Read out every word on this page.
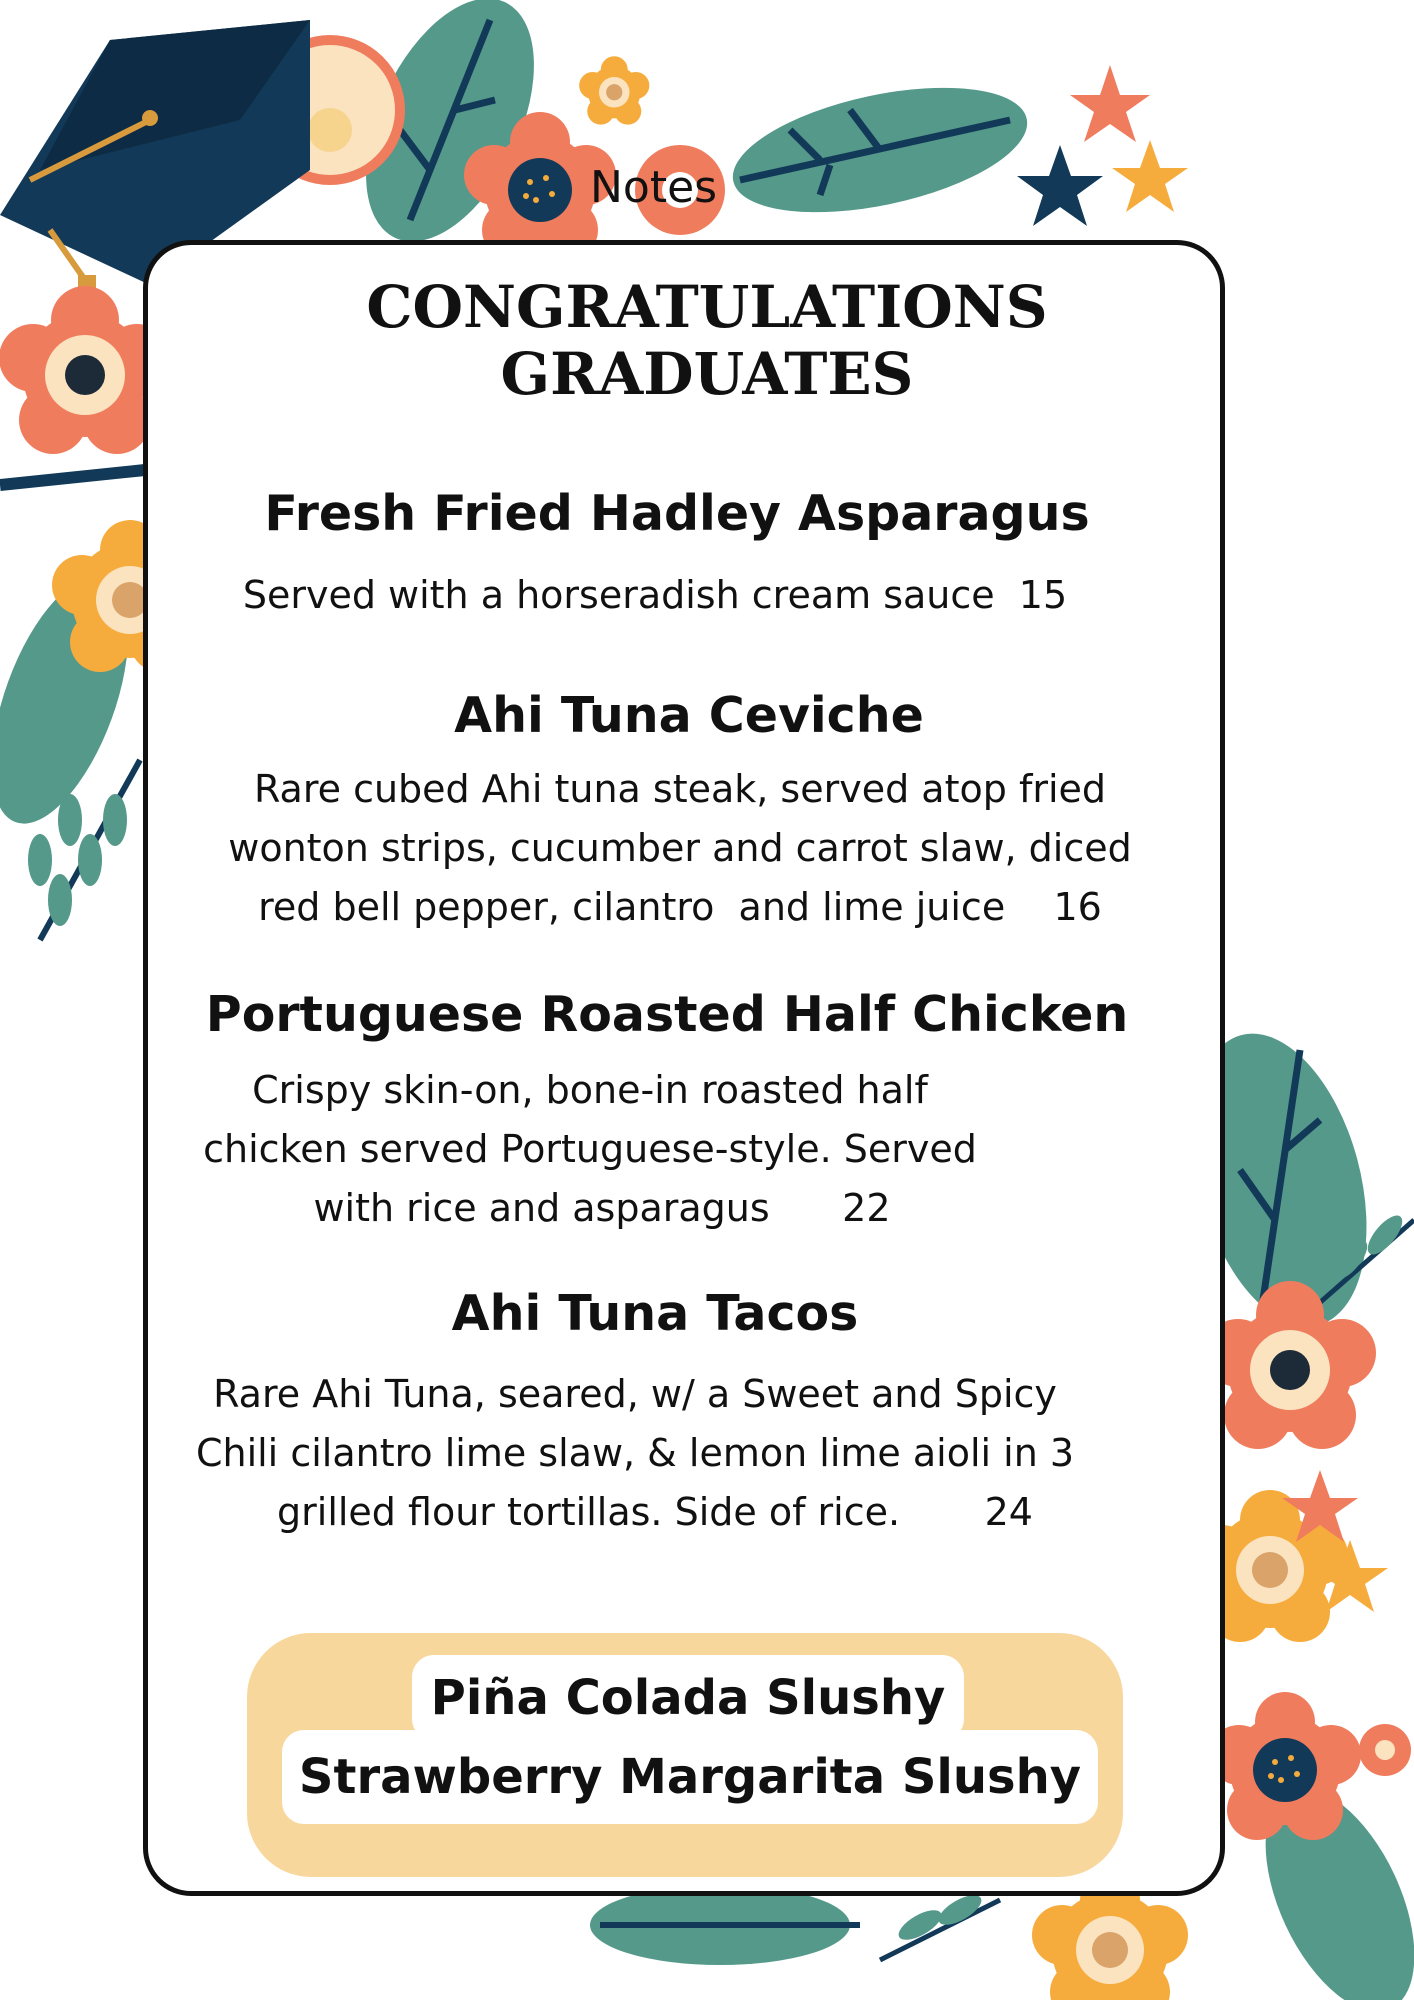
Notes
CONGRATULATIONS
GRADUATES
Fresh Fried Hadley Asparagus
Served with a horseradish cream sauce  15
Ahi Tuna Ceviche
Rare cubed Ahi tuna steak, served atop fried
wonton strips, cucumber and carrot slaw, diced
red bell pepper, cilantro  and lime juice    16
Portuguese Roasted Half Chicken
Crispy skin-on, bone-in roasted half
chicken served Portuguese-style. Served
with rice and asparagus      22
Ahi Tuna Tacos
Rare Ahi Tuna, seared, w/ a Sweet and Spicy
Chili cilantro lime slaw, & lemon lime aioli in 3
grilled flour tortillas. Side of rice.       24
Piña Colada Slushy
Strawberry Margarita Slushy
